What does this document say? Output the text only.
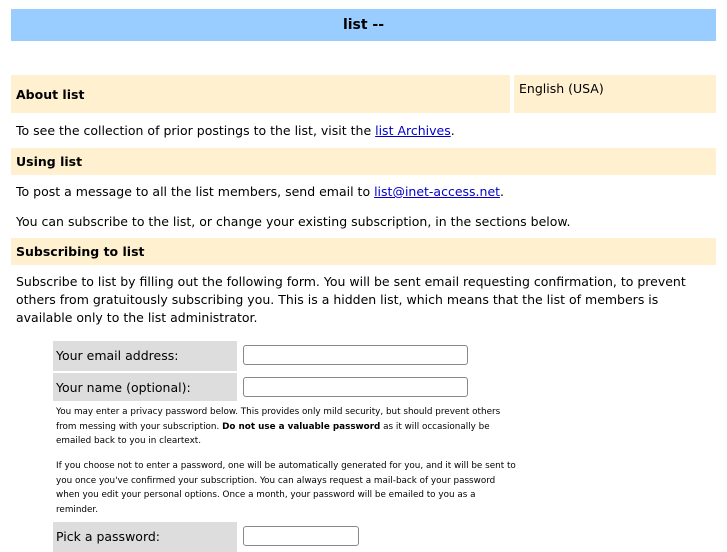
list --
About list	English (USA)
To see the collection of prior postings to the list, visit the list Archives.
Using list
To post a message to all the list members, send email to list@inet-access.net.
You can subscribe to the list, or change your existing subscription, in the sections below.
Subscribing to list
Subscribe to list by filling out the following form. You will be sent email requesting confirmation, to prevent others from gratuitously subscribing you. This is a hidden list, which means that the list of members is available only to the list administrator.
Your email address:
Your name (optional):
You may enter a privacy password below. This provides only mild security, but should prevent others from messing with your subscription. Do not use a valuable password as it will occasionally be emailed back to you in cleartext.
If you choose not to enter a password, one will be automatically generated for you, and it will be sent to you once you've confirmed your subscription. You can always request a mail-back of your password when you edit your personal options. Once a month, your password will be emailed to you as a reminder.
Pick a password:
